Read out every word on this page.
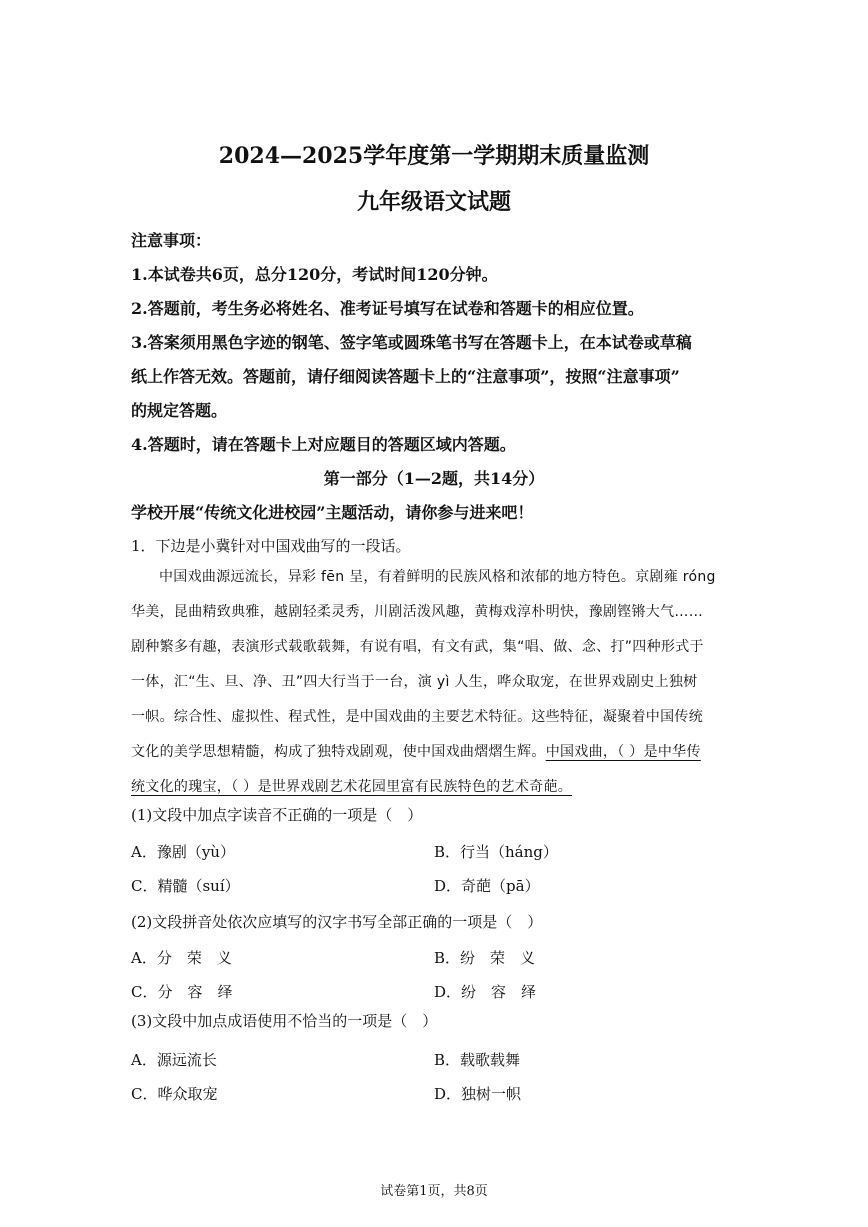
2024—2025学年度第一学期期末质量监测
九年级语文试题
注意事项：
1.本试卷共6页，总分120分，考试时间120分钟。
2.答题前，考生务必将姓名、准考证号填写在试卷和答题卡的相应位置。
3.答案须用黑色字迹的钢笔、签字笔或圆珠笔书写在答题卡上，在本试卷或草稿
纸上作答无效。答题前，请仔细阅读答题卡上的“注意事项”，按照“注意事项”
的规定答题。
4.答题时，请在答题卡上对应题目的答题区域内答题。
第一部分（1—2题，共14分）
学校开展“传统文化进校园”主题活动，请你参与进来吧！
1．下边是小冀针对中国戏曲写的一段话。
中国戏曲源远流长，异彩 fēn 呈，有着鲜明的民族风格和浓郁的地方特色。京剧雍 róng
华美，昆曲精致典雅，越剧轻柔灵秀，川剧活泼风趣，黄梅戏淳朴明快，豫剧铿锵大气……
剧种繁多有趣，表演形式载歌载舞，有说有唱，有文有武，集“唱、做、念、打”四种形式于
一体，汇“生、旦、净、丑”四大行当于一台，演 yì 人生，哗众取宠，在世界戏剧史上独树
一帜。综合性、虚拟性、程式性，是中国戏曲的主要艺术特征。这些特征，凝聚着中国传统
文化的美学思想精髓，构成了独特戏剧观，使中国戏曲熠熠生辉。中国戏曲，（ ）是中华传
统文化的瑰宝，（ ）是世界戏剧艺术花园里富有民族特色的艺术奇葩。
(1)文段中加点字读音不正确的一项是（　）
A．豫剧（yù）	B．行当（háng）
C．精髓（suí）	D．奇葩（pā）
(2)文段拼音处依次应填写的汉字书写全部正确的一项是（　）
A．分　荣　义	B．纷　荣　义
C．分　容　绎	D．纷　容　绎
(3)文段中加点成语使用不恰当的一项是（　）
A．源远流长	B．载歌载舞
C．哗众取宠	D．独树一帜
试卷第1页，共8页
